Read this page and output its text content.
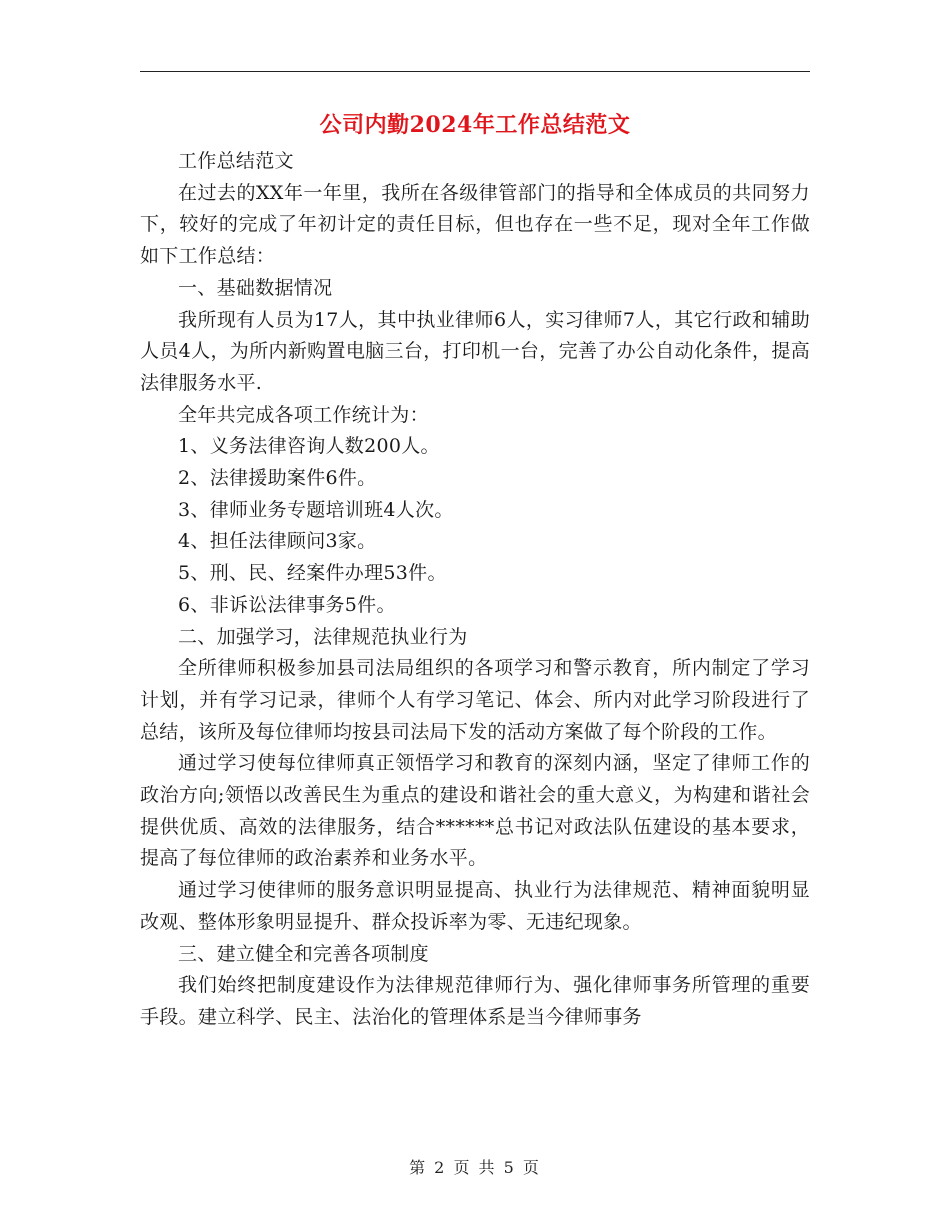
公司内勤2024年工作总结范文

工作总结范文

在过去的XX年一年里，我所在各级律管部门的指导和全体成员的共同努力下，较好的完成了年初计定的责任目标，但也存在一些不足，现对全年工作做如下工作总结：

一、基础数据情况

我所现有人员为17人，其中执业律师6人，实习律师7人，其它行政和辅助人员4人，为所内新购置电脑三台，打印机一台，完善了办公自动化条件，提高法律服务水平.

全年共完成各项工作统计为：

1、义务法律咨询人数200人。

2、法律援助案件6件。

3、律师业务专题培训班4人次。

4、担任法律顾问3家。

5、刑、民、经案件办理53件。

6、非诉讼法律事务5件。

二、加强学习，法律规范执业行为

全所律师积极参加县司法局组织的各项学习和警示教育，所内制定了学习计划，并有学习记录，律师个人有学习笔记、体会、所内对此学习阶段进行了总结，该所及每位律师均按县司法局下发的活动方案做了每个阶段的工作。

通过学习使每位律师真正领悟学习和教育的深刻内涵，坚定了律师工作的政治方向;领悟以改善民生为重点的建设和谐社会的重大意义，为构建和谐社会提供优质、高效的法律服务，结合******总书记对政法队伍建设的基本要求，提高了每位律师的政治素养和业务水平。

通过学习使律师的服务意识明显提高、执业行为法律规范、精神面貌明显改观、整体形象明显提升、群众投诉率为零、无违纪现象。

三、建立健全和完善各项制度

我们始终把制度建设作为法律规范律师行为、强化律师事务所管理的重要手段。建立科学、民主、法治化的管理体系是当今律师事务

第 2 页 共 5 页
